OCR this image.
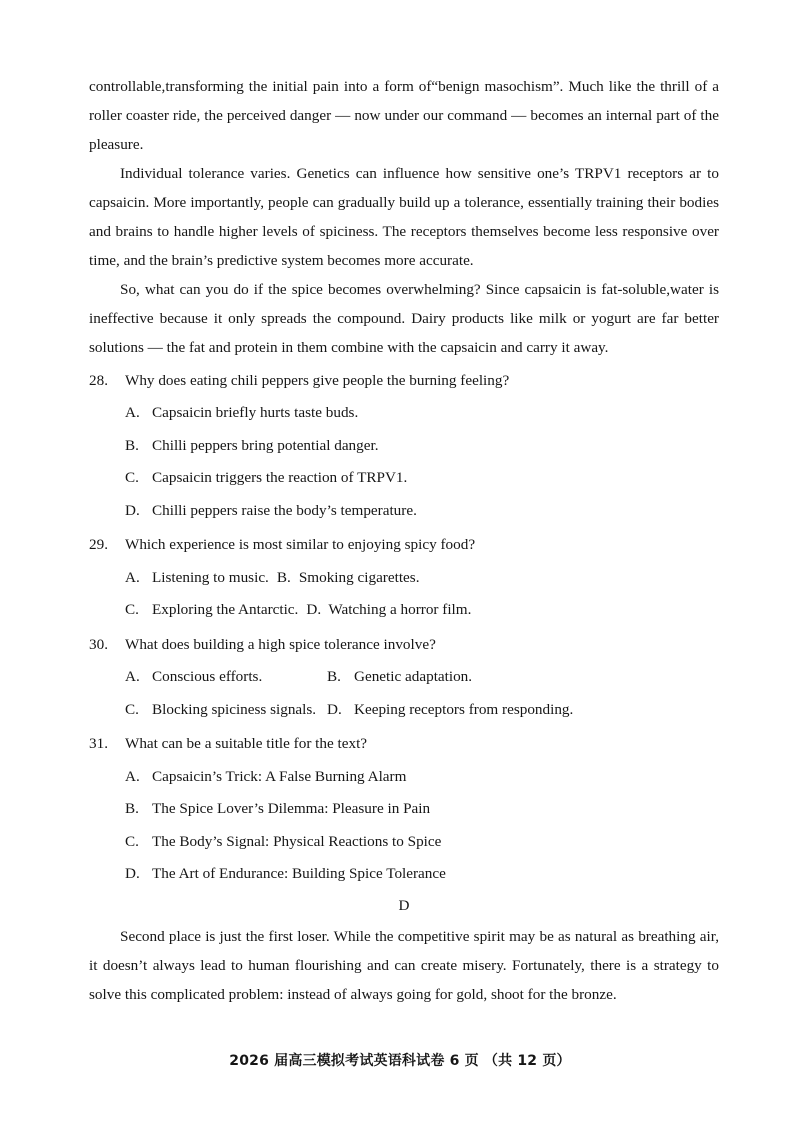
controllable,transforming the initial pain into a form of“benign masochism”. Much like the thrill of a roller coaster ride, the perceived danger — now under our command — becomes an internal part of the pleasure.

Individual tolerance varies. Genetics can influence how sensitive one’s TRPV1 receptors ar to capsaicin. More importantly, people can gradually build up a tolerance, essentially training their bodies and brains to handle higher levels of spiciness. The receptors themselves become less responsive over time, and the brain’s predictive system becomes more accurate.

So, what can you do if the spice becomes overwhelming? Since capsaicin is fat-soluble,water is ineffective because it only spreads the compound. Dairy products like milk or yogurt are far better solutions — the fat and protein in them combine with the capsaicin and carry it away.

28.	Why does eating chili peppers give people the burning feeling?
A. Capsaicin briefly hurts taste buds.
B. Chilli peppers bring potential danger.
C. Capsaicin triggers the reaction of TRPV1.
D. Chilli peppers raise the body’s temperature.
29.	Which experience is most similar to enjoying spicy food?
A. Listening to music. B. Smoking cigarettes.
C. Exploring the Antarctic. D. Watching a horror film.
30.	What does building a high spice tolerance involve?
A. Conscious efforts.	B. Genetic adaptation.
C. Blocking spiciness signals. D. Keeping receptors from responding.
31.	What can be a suitable title for the text?
A. Capsaicin’s Trick: A False Burning Alarm
B. The Spice Lover’s Dilemma: Pleasure in Pain
C. The Body’s Signal: Physical Reactions to Spice
D. The Art of Endurance: Building Spice Tolerance
D

Second place is just the first loser. While the competitive spirit may be as natural as breathing air, it doesn’t always lead to human flourishing and can create misery. Fortunately, there is a strategy to solve this complicated problem: instead of always going for gold, shoot for the bronze.

2026 届高三模拟考试英语科试卷 6 页 （共 12 页）
